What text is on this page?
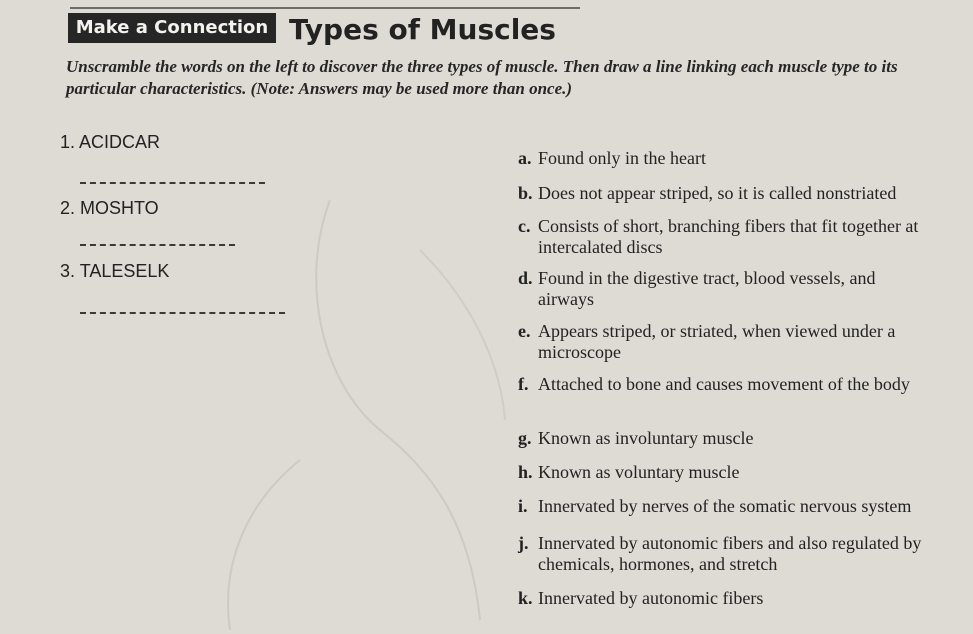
Make a Connection Types of Muscles
Unscramble the words on the left to discover the three types of muscle. Then draw a line linking each muscle type to its particular characteristics. (Note: Answers may be used more than once.)
1. ACIDCAR
2. MOSHTO
3. TALESELK
a. Found only in the heart
b. Does not appear striped, so it is called nonstriated
c. Consists of short, branching fibers that fit together at intercalated discs
d. Found in the digestive tract, blood vessels, and airways
e. Appears striped, or striated, when viewed under a microscope
f. Attached to bone and causes movement of the body
g. Known as involuntary muscle
h. Known as voluntary muscle
i. Innervated by nerves of the somatic nervous system
j. Innervated by autonomic fibers and also regulated by chemicals, hormones, and stretch
k. Innervated by autonomic fibers
